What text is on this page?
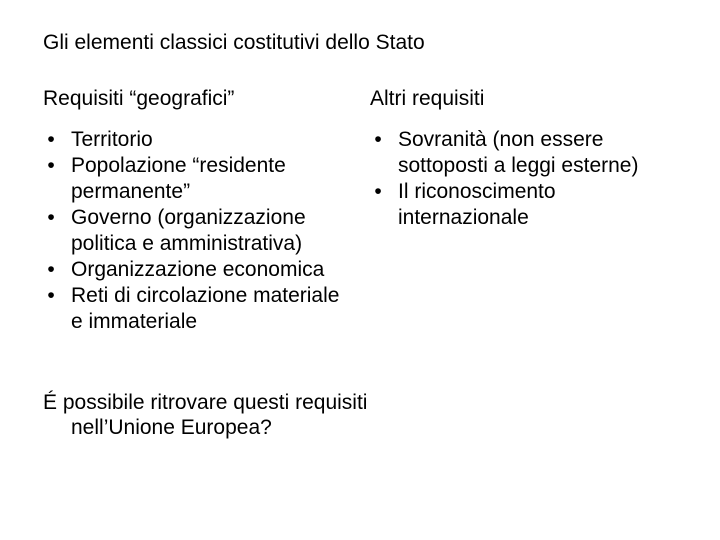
Gli elementi classici costitutivi dello Stato
Requisiti “geografici”	Altri requisiti
• Territorio
• Popolazione “residente permanente”
• Governo (organizzazione politica e amministrativa)
• Organizzazione economica
• Reti di circolazione materiale e immateriale
• Sovranità (non essere sottoposti a leggi esterne)
• Il riconoscimento internazionale
É possibile ritrovare questi requisiti nell’Unione Europea?
